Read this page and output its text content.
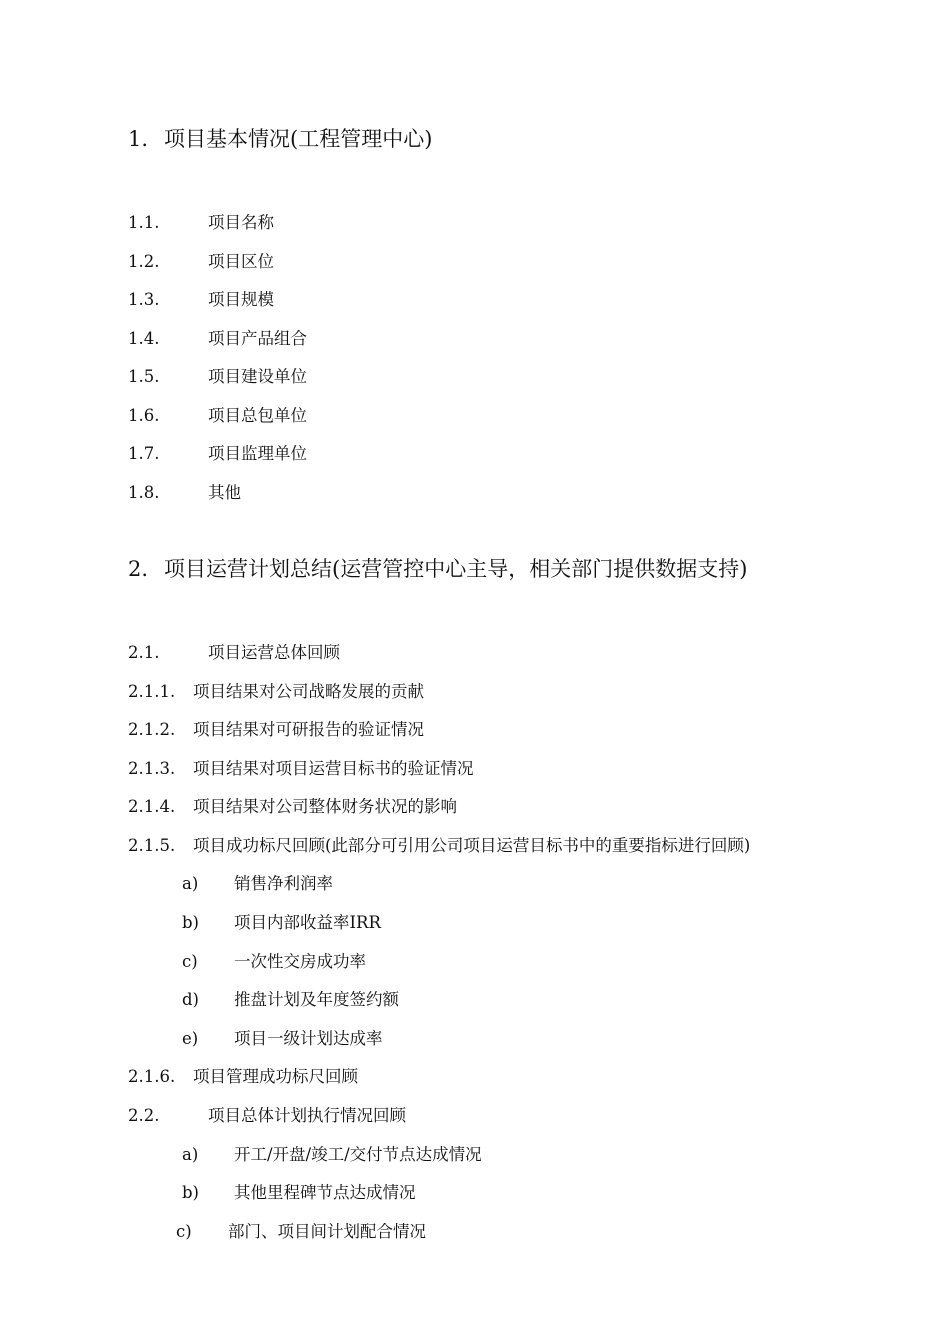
1. 项目基本情况(工程管理中心)
1.1.	项目名称
1.2.	项目区位
1.3.	项目规模
1.4.	项目产品组合
1.5.	项目建设单位
1.6.	项目总包单位
1.7.	项目监理单位
1.8.	其他
2. 项目运营计划总结(运营管控中心主导，相关部门提供数据支持)
2.1.	项目运营总体回顾
2.1.1. 项目结果对公司战略发展的贡献
2.1.2. 项目结果对可研报告的验证情况
2.1.3. 项目结果对项目运营目标书的验证情况
2.1.4. 项目结果对公司整体财务状况的影响
2.1.5. 项目成功标尺回顾(此部分可引用公司项目运营目标书中的重要指标进行回顾)
a) 销售净利润率
b) 项目内部收益率IRR
c) 一次性交房成功率
d) 推盘计划及年度签约额
e) 项目一级计划达成率
2.1.6. 项目管理成功标尺回顾
2.2.	项目总体计划执行情况回顾
a) 开工/开盘/竣工/交付节点达成情况
b) 其他里程碑节点达成情况
c) 部门、项目间计划配合情况
